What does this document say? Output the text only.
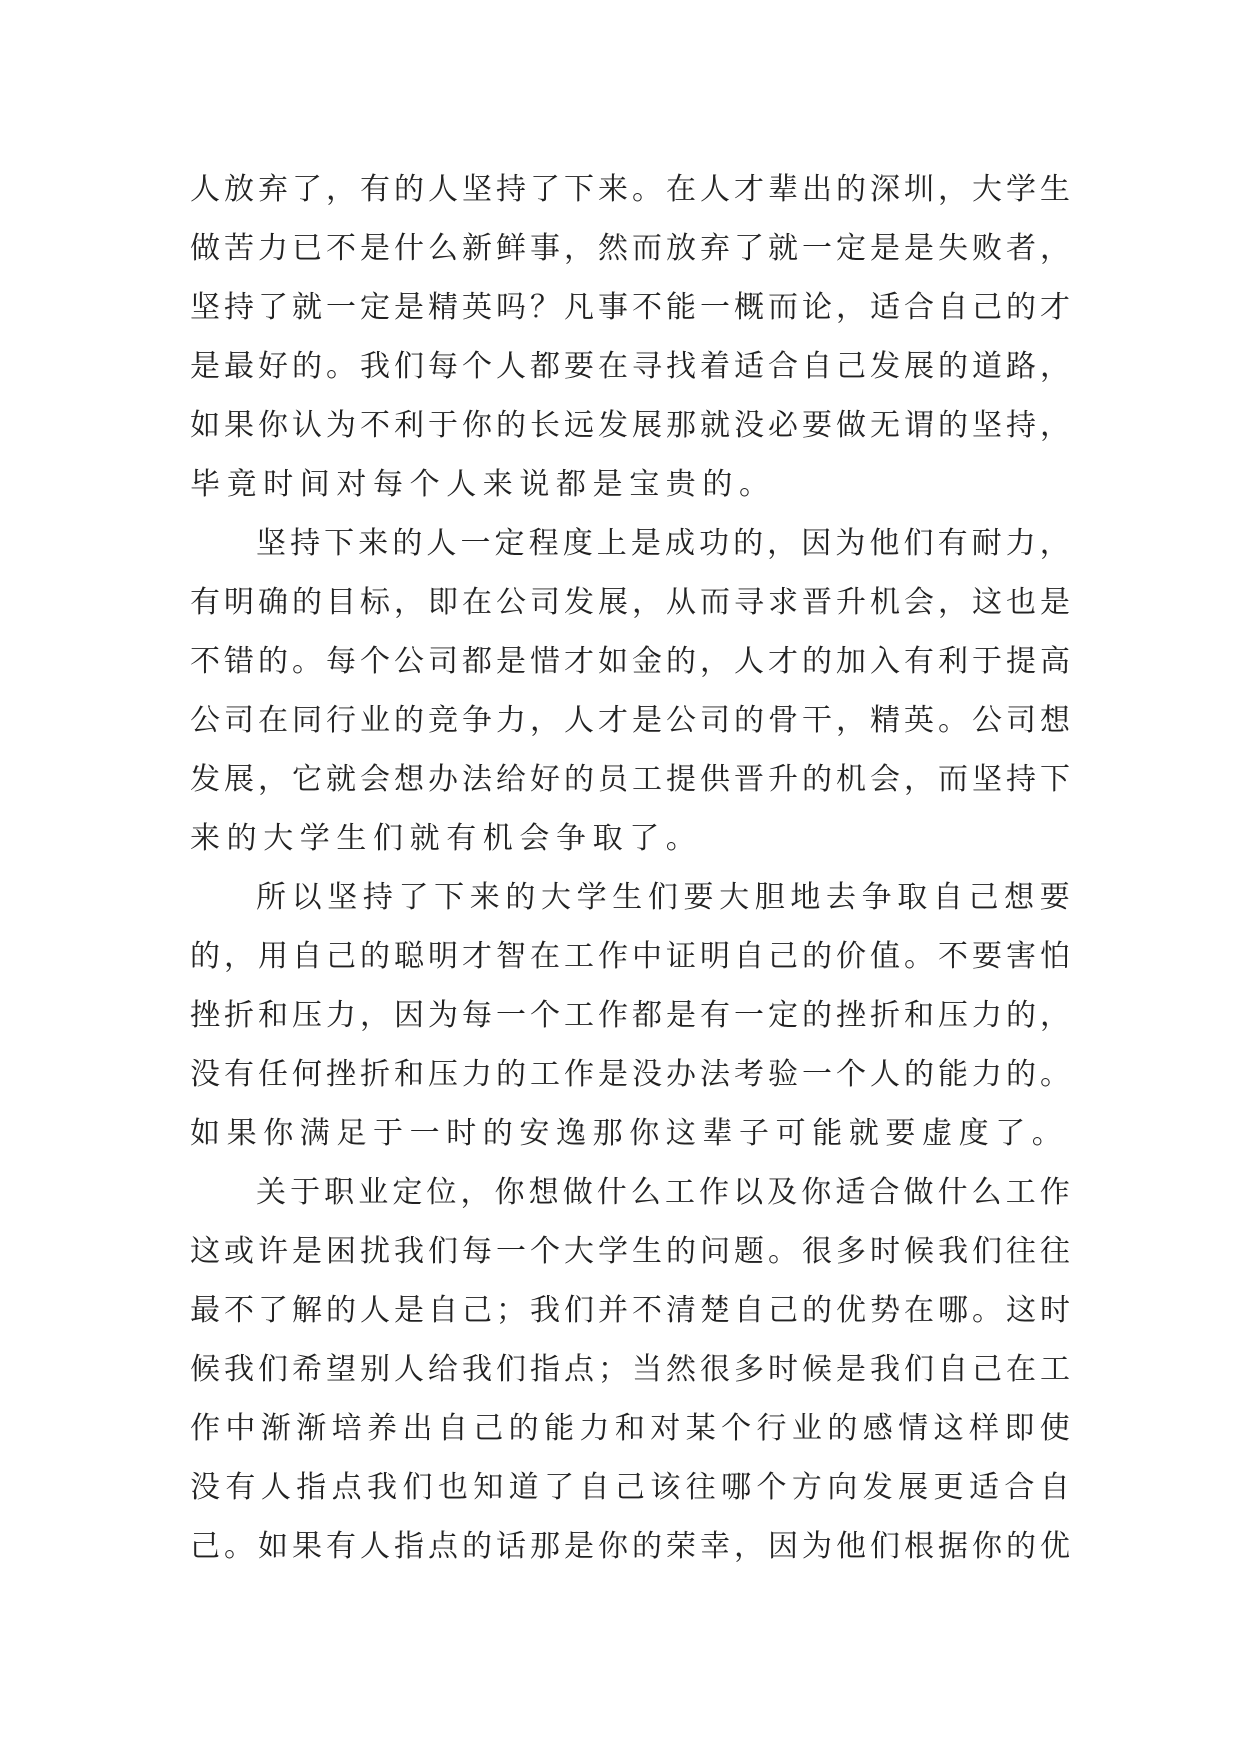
人 放 弃 了 ， 有 的 人 坚 持 了 下 来 。 在 人 才 辈 出 的 深 圳 ， 大 学 生
做 苦 力 已 不 是 什 么 新 鲜 事 ， 然 而 放 弃 了 就 一 定 是 是 失 败 者 ，
坚 持 了 就 一 定 是 精 英 吗 ？ 凡 事 不 能 一 概 而 论 ， 适 合 自 己 的 才
是 最 好 的 。 我 们 每 个 人 都 要 在 寻 找 着 适 合 自 己 发 展 的 道 路 ，
如 果 你 认 为 不 利 于 你 的 长 远 发 展 那 就 没 必 要 做 无 谓 的 坚 持 ，
毕竟时间对每个人来说都是宝贵的。
坚 持 下 来 的 人 一 定 程 度 上 是 成 功 的 ， 因 为 他 们 有 耐 力 ，
有 明 确 的 目 标 ， 即 在 公 司 发 展 ， 从 而 寻 求 晋 升 机 会 ， 这 也 是
不 错 的 。 每 个 公 司 都 是 惜 才 如 金 的 ， 人 才 的 加 入 有 利 于 提 高
公 司 在 同 行 业 的 竞 争 力 ， 人 才 是 公 司 的 骨 干 ， 精 英 。 公 司 想
发 展 ， 它 就 会 想 办 法 给 好 的 员 工 提 供 晋 升 的 机 会 ， 而 坚 持 下
来的大学生们就有机会争取了。
所 以 坚 持 了 下 来 的 大 学 生 们 要 大 胆 地 去 争 取 自 己 想 要
的 ， 用 自 己 的 聪 明 才 智 在 工 作 中 证 明 自 己 的 价 值 。 不 要 害 怕
挫 折 和 压 力 ， 因 为 每 一 个 工 作 都 是 有 一 定 的 挫 折 和 压 力 的 ，
没 有 任 何 挫 折 和 压 力 的 工 作 是 没 办 法 考 验 一 个 人 的 能 力 的 。
如果你满足于一时的安逸那你这辈子可能就要虚度了。
关 于 职 业 定 位 ， 你 想 做 什 么 工 作 以 及 你 适 合 做 什 么 工 作
这 或 许 是 困 扰 我 们 每 一 个 大 学 生 的 问 题 。 很 多 时 候 我 们 往 往
最 不 了 解 的 人 是 自 己 ； 我 们 并 不 清 楚 自 己 的 优 势 在 哪 。 这 时
候 我 们 希 望 别 人 给 我 们 指 点 ； 当 然 很 多 时 候 是 我 们 自 己 在 工
作 中 渐 渐 培 养 出 自 己 的 能 力 和 对 某 个 行 业 的 感 情 这 样 即 使
没 有 人 指 点 我 们 也 知 道 了 自 己 该 往 哪 个 方 向 发 展 更 适 合 自
己 。 如 果 有 人 指 点 的 话 那 是 你 的 荣 幸 ， 因 为 他 们 根 据 你 的 优
